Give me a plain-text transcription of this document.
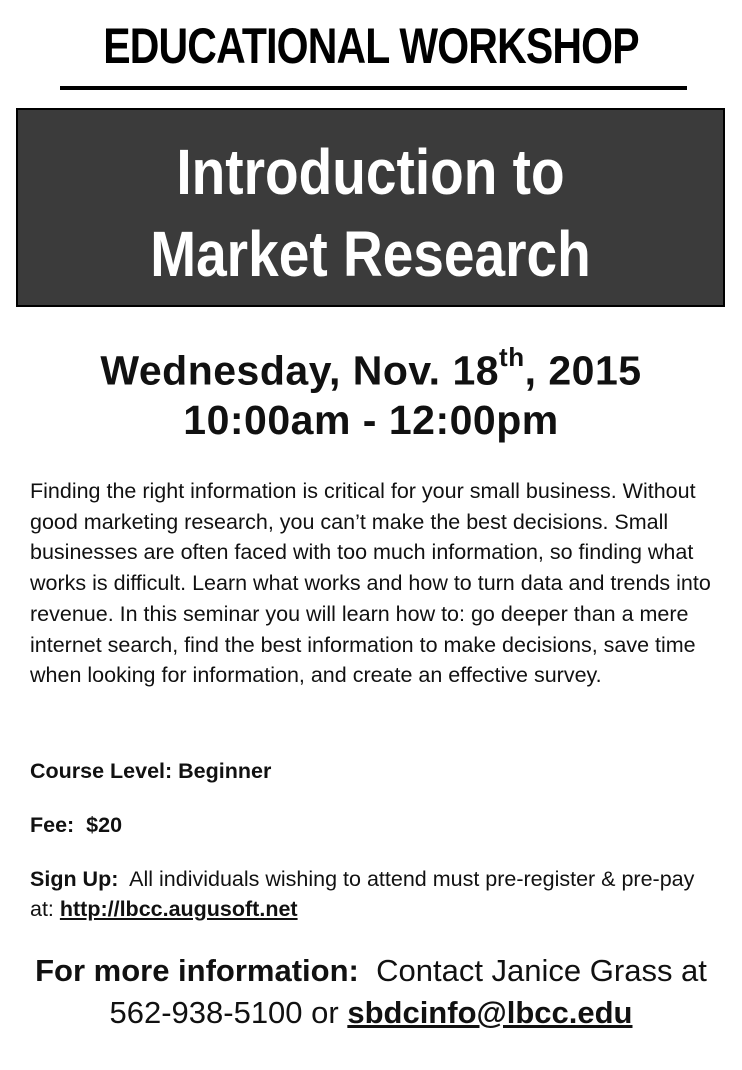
EDUCATIONAL WORKSHOP
Introduction to
Market Research
Wednesday, Nov. 18th, 2015
10:00am - 12:00pm

Finding the right information is critical for your small business. Without good marketing research, you can’t make the best decisions. Small businesses are often faced with too much information, so finding what works is difficult. Learn what works and how to turn data and trends into revenue. In this seminar you will learn how to: go deeper than a mere internet search, find the best information to make decisions, save time when looking for information, and create an effective survey.

Course Level: Beginner
Fee: $20
Sign Up: All individuals wishing to attend must pre-register & pre-pay at: http://lbcc.augusoft.net
For more information: Contact Janice Grass at
562-938-5100 or sbdcinfo@lbcc.edu
